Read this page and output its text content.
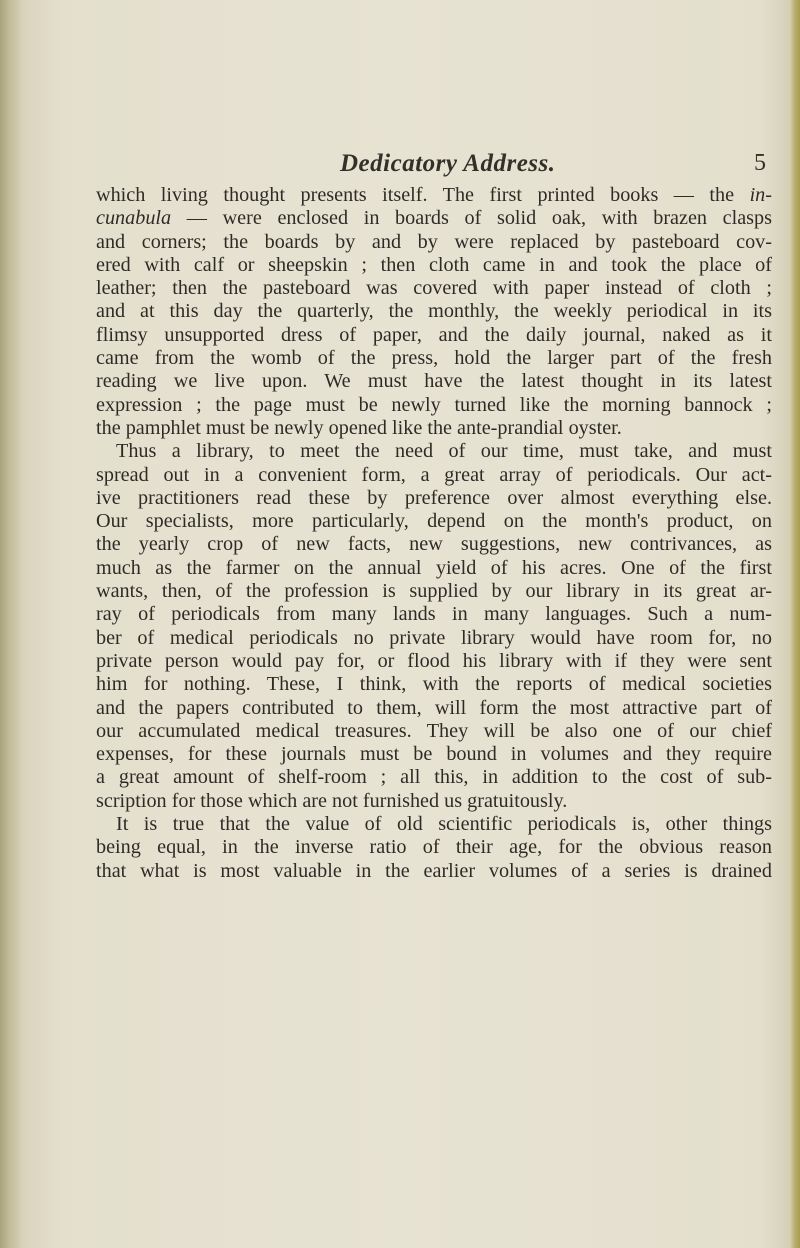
Dedicatory Address.	5
which living thought presents itself. The first printed books — the in-
cunabula — were enclosed in boards of solid oak, with brazen clasps
and corners; the boards by and by were replaced by pasteboard cov-
ered with calf or sheepskin ; then cloth came in and took the place of
leather; then the pasteboard was covered with paper instead of cloth ;
and at this day the quarterly, the monthly, the weekly periodical in its
flimsy unsupported dress of paper, and the daily journal, naked as it
came from the womb of the press, hold the larger part of the fresh
reading we live upon. We must have the latest thought in its latest
expression ; the page must be newly turned like the morning bannock ;
the pamphlet must be newly opened like the ante-prandial oyster.
Thus a library, to meet the need of our time, must take, and must
spread out in a convenient form, a great array of periodicals. Our act-
ive practitioners read these by preference over almost everything else.
Our specialists, more particularly, depend on the month's product, on
the yearly crop of new facts, new suggestions, new contrivances, as
much as the farmer on the annual yield of his acres. One of the first
wants, then, of the profession is supplied by our library in its great ar-
ray of periodicals from many lands in many languages. Such a num-
ber of medical periodicals no private library would have room for, no
private person would pay for, or flood his library with if they were sent
him for nothing. These, I think, with the reports of medical societies
and the papers contributed to them, will form the most attractive part of
our accumulated medical treasures. They will be also one of our chief
expenses, for these journals must be bound in volumes and they require
a great amount of shelf-room ; all this, in addition to the cost of sub-
scription for those which are not furnished us gratuitously.
It is true that the value of old scientific periodicals is, other things
being equal, in the inverse ratio of their age, for the obvious reason
that what is most valuable in the earlier volumes of a series is drained
